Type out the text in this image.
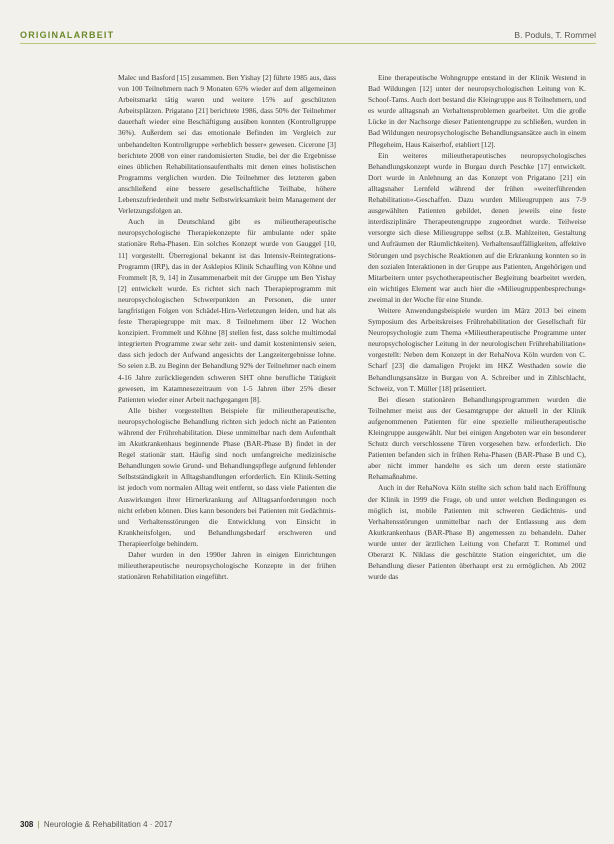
ORIGINALARBEIT	B. Poduls, T. Rommel

Malec und Basford [15] zusammen. Ben Yishay [2] führte 1985 aus, dass von 100 Teilnehmern nach 9 Monaten 65% wieder auf dem allgemeinen Arbeitsmarkt tätig waren und weitere 15% auf geschützten Arbeitsplätzen. Prigatano [21] berichtete 1986, dass 50% der Teilnehmer dauerhaft wieder eine Beschäftigung ausüben konnten (Kontrollgruppe 36%). Außerdem sei das emotionale Befinden im Vergleich zur unbehandelten Kontrollgruppe »erheblich besser« gewesen. Cicerone [3] berichtete 2008 von einer randomisierten Studie, bei der die Ergebnisse eines üblichen Rehabilitationsaufenthalts mit denen eines holistischen Programms verglichen wurden. Die Teilnehmer des letzteren gaben anschließend eine bessere gesellschaftliche Teilhabe, höhere Lebenszufriedenheit und mehr Selbstwirksamkeit beim Management der Verletzungsfolgen an.

Auch in Deutschland gibt es milieutherapeutische neuropsychologische Therapiekonzepte für ambulante oder späte stationäre Reha-Phasen. Ein solches Konzept wurde von Gauggel [10, 11] vorgestellt. Überregional bekannt ist das Intensiv-Reintegrations-Programm (IRP), das in der Asklepios Klinik Schaufling von Köhne und Frommelt [8, 9, 14] in Zusammenarbeit mit der Gruppe um Ben Yishay [2] entwickelt wurde. Es richtet sich nach Therapieprogramm mit neuropsychologischen Schwerpunkten an Personen, die unter langfristigen Folgen von Schädel-Hirn-Verletzungen leiden, und hat als feste Therapiegruppe mit max. 8 Teilnehmern über 12 Wochen konzipiert. Frommelt und Köhne [8] stellen fest, dass solche multimodal integrierten Programme zwar sehr zeit- und damit kostenintensiv seien, dass sich jedoch der Aufwand angesichts der Langzeitergebnisse lohne. So seien z.B. zu Beginn der Behandlung 92% der Teilnehmer nach einem 4-16 Jahre zurückliegenden schweren SHT ohne berufliche Tätigkeit gewesen, im Katamnesezeitraum von 1-5 Jahren über 25% dieser Patienten wieder einer Arbeit nachgegangen [8].

Alle bisher vorgestellten Beispiele für milieutherapeutische, neuropsychologische Behandlung richten sich jedoch nicht an Patienten während der Frührehabilitation. Diese unmittelbar nach dem Aufenthalt im Akutkrankenhaus beginnende Phase (BAR-Phase B) findet in der Regel stationär statt. Häufig sind noch umfangreiche medizinische Behandlungen sowie Grund- und Behandlungspflege aufgrund fehlender Selbstständigkeit in Alltagshandlungen erforderlich. Ein Klinik-Setting ist jedoch vom normalen Alltag weit entfernt, so dass viele Patienten die Auswirkungen ihrer Hirnerkrankung auf Alltagsanforderungen noch nicht erleben können. Dies kann besonders bei Patienten mit Gedächtnis- und Verhaltensstörungen die Entwicklung von Einsicht in Krankheitsfolgen, und Behandlungsbedarf erschweren und Therapieerfolge behindern.

Daher wurden in den 1990er Jahren in einigen Einrichtungen milieutherapeutische neuropsychologische Konzepte in der frühen stationären Rehabilitation eingeführt.

Eine therapeutische Wohngruppe entstand in der Klinik Westend in Bad Wildungen [12] unter der neuropsychologischen Leitung von K. Schoof-Tams. Auch dort bestand die Kleingruppe aus 8 Teilnehmern, und es wurde alltagsnah an Verhaltensproblemen gearbeitet. Um die große Lücke in der Nachsorge dieser Patientengruppe zu schließen, wurden in Bad Wildungen neuropsychologische Behandlungsansätze auch in einem Pflegeheim, Haus Kaiserhof, etabliert [12].

Ein weiteres milieutherapeutisches neuropsychologisches Behandlungskonzept wurde in Burgau durch Peschke [17] entwickelt. Dort wurde in Anlehnung an das Konzept von Prigatano [21] ein alltagsnaher Lernfeld während der frühen »weiterführenden Rehabilitation«-Geschaffen. Dazu wurden Milieugruppen aus 7-9 ausgewählten Patienten gebildet, denen jeweils eine feste interdisziplinäre Therapeutengruppe zugeordnet wurde. Teilweise versorgte sich diese Milieugruppe selbst (z.B. Mahlzeiten, Gestaltung und Aufräumen der Räumlichkeiten). Verhaltensauffälligkeiten, affektive Störungen und psychische Reaktionen auf die Erkrankung konnten so in den sozialen Interaktionen in der Gruppe aus Patienten, Angehörigen und Mitarbeitern unter psychotherapeutischer Begleitung bearbeitet werden, ein wichtiges Element war auch hier die »Milieugruppenbesprechung« zweimal in der Woche für eine Stunde.

Weitere Anwendungsbeispiele wurden im März 2013 bei einem Symposium des Arbeitskreises Frührehabilitation der Gesellschaft für Neuropsychologie zum Thema »Milieutherapeutische Programme unter neuropsychologischer Leitung in der neurologischen Frührehabilitation« vorgestellt: Neben dem Konzept in der RehaNova Köln wurden von C. Scharf [23] die damaligen Projekt im HKZ Westhaden sowie die Behandlungsansätze in Burgau von A. Schreiber und in Zihlschlacht, Schweiz, von T. Müller [18] präsentiert.

Bei diesen stationären Behandlungsprogrammen wurden die Teilnehmer meist aus der Gesamtgruppe der aktuell in der Klinik aufgenommenen Patienten für eine spezielle milieutherapeutische Kleingruppe ausgewählt. Nur bei einigen Angeboten war ein besonderer Schutz durch verschlossene Türen vorgesehen bzw. erforderlich. Die Patienten befanden sich in frühen Reha-Phasen (BAR-Phase B und C), aber nicht immer handelte es sich um deren erste stationäre Rehamaßnahme.

Auch in der RehaNova Köln stellte sich schon bald nach Eröffnung der Klinik in 1999 die Frage, ob und unter welchen Bedingungen es möglich ist, mobile Patienten mit schweren Gedächtnis- und Verhaltensstörungen unmittelbar nach der Entlassung aus dem Akutkrankenhaus (BAR-Phase B) angemessen zu behandeln. Daher wurde unter der ärztlichen Leitung von Chefarzt T. Rommel und Oberarzt K. Niklass die geschützte Station eingerichtet, um die Behandlung dieser Patienten überhaupt erst zu ermöglichen. Ab 2002 wurde das

308 | Neurologie & Rehabilitation 4 · 2017
